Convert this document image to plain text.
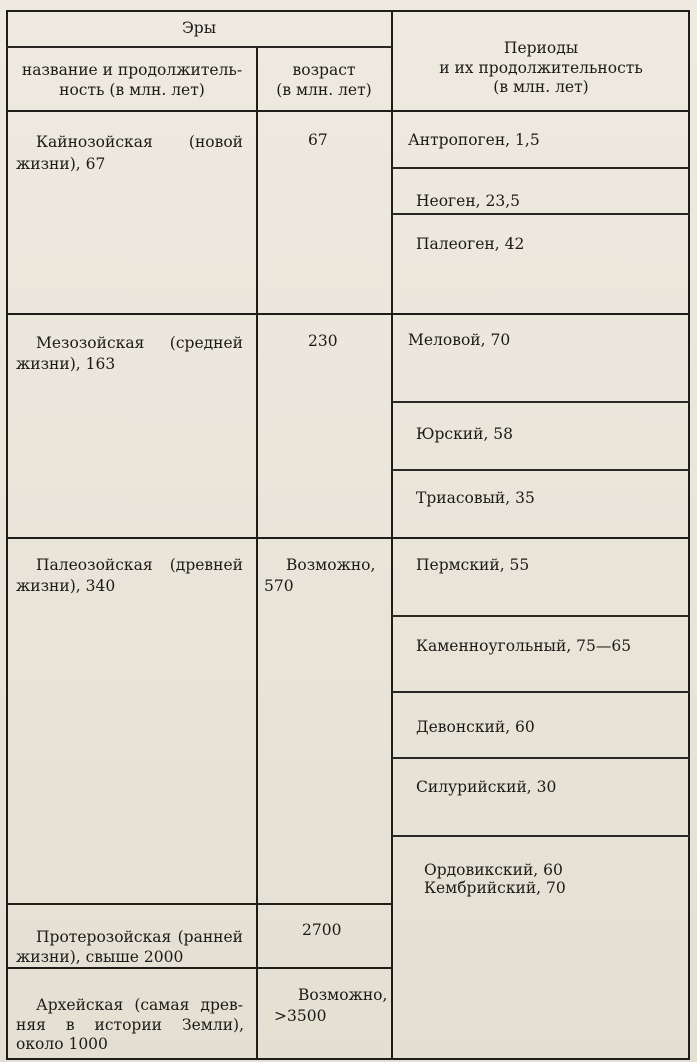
Эры
название и продолжитель-
ность (в млн. лет)
возраст
(в млн. лет)
Периоды
и их продолжительность
(в млн. лет)
Кайнозойская (новой
жизни), 67
67	Антропоген, 1,5
Неоген, 23,5
Палеоген, 42
Мезозойская (средней
жизни), 163
230	Меловой, 70
Юрский, 58
Триасовый, 35
Палеозойская (древней
жизни), 340
Возможно,
570
Пермский, 55
Каменноугольный, 75—65
Девонский, 60
Силурийский, 30
Ордовикский, 60
Кембрийский, 70
Протерозойская (ранней
жизни), свыше 2000
2700
Архейская (самая древ-
няя в истории Земли),
около 1000
Возможно,
>3500
